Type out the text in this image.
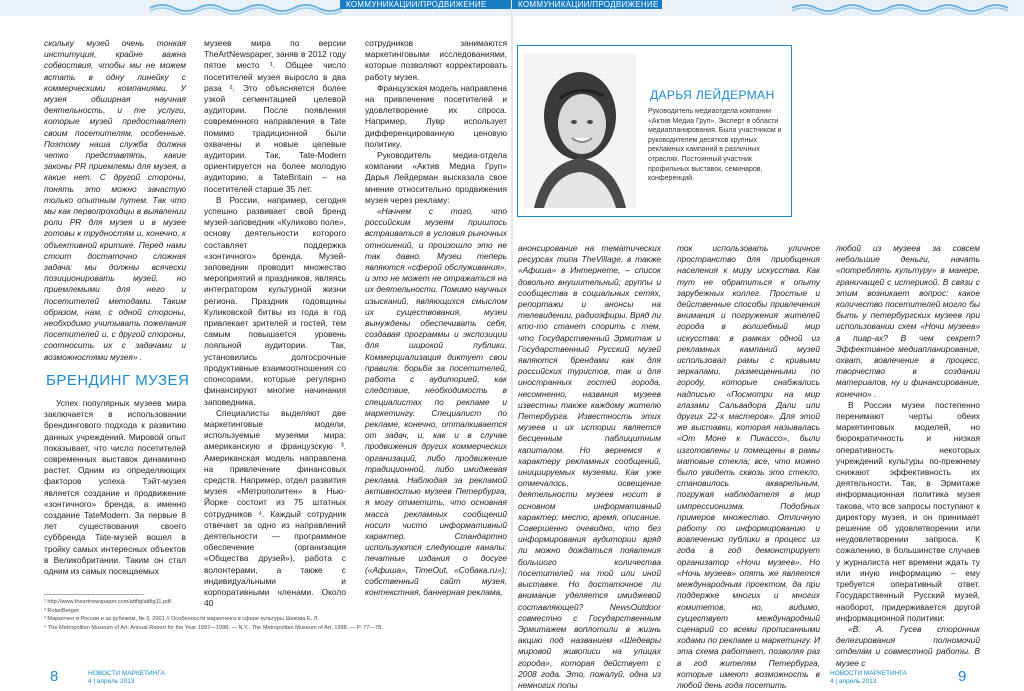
КОММУНИКАЦИИ/ПРОДВИЖЕНИЕ

скольку музей очень тонкая институция, крайне важна собвоствия, чтобы мы не можем встать в одну линейку с коммерческими компаниями. У музея обширная научная деятельность, и те услуги, которые музей предоставляет своим посетителям, особенные. Поэтому наша служба должна четко представлять, какие законы PR приемлемы для музея, а какие нет. С другой стороны, понять это можно зачастую только опытным путем. Так что мы как первопроходцы в выявлении роли PR для музея и в музее готовы к трудностям и, конечно, к объективной критике. Перед нами стоит достаточно сложная задача: мы должны всячески позиционировать музей, но приемлемыми для него и посетителей методами. Таким образом, нам, с одной стороны, необходимо учитывать пожелания посетителей и, с другой стороны, соотносить их с задачами и возможностями музея» .

БРЕНДИНГ МУЗЕЯ

Успех популярных музеев мира заключается в использовании брендингового подхода к развитию данных учреждений. Мировой опыт показывает, что число посетителей современных выставок динамично растет. Одним из определяющих факторов успеха Тэйт-музея является создание и продвижение «зонтичного» бренда, а именно создание TateModern. За первые 8 лет существования своего суббренда Tate-музей вошел в тройку самых интересных объектов в Великобритании. Таким он стал одним из самых посещаемых

музеев мира по версии TheArtNewspaper, заняв в 2012 году пятое место ¹. Общее число посетителей музея выросло в два раза ². Это объясняется более узкой сегментацией целевой аудитории. После появления современного направления в Tate помимо традиционной были охвачены и новые целевые аудитории. Так, Tate-Modern ориентируется на более молодую аудиторию, а TateBritain – на посетителей старше 35 лет.

В России, например, сегодня успешно развивает свой бренд музей-заповедник «Куликово поле», основу деятельности которого составляет поддержка «зонтичного» бренда. Музей-заповедник проводит множество мероприятий и праздников, являясь интегратором культурной жизни региона. Праздник годовщины Куликовской битвы из года в год привлекает зрителей и гостей, тем самым повышается уровень лояльной аудитории. Так, установились долгосрочные продуктивные взаимоотношения со спонсорами, которые регулярно финансируют многие начинания заповедника.

Специалисты выделяют две маркетинговые модели, используемые музеями мира: американскую и французскую ³. Американская модель направлена на привлечение финансовых средств. Например, отдел развития музея «Метрополитен» в Нью-Йорке состоит из 75 штатных сотрудников ⁴. Каждый сотрудник отвечает за одно из направлений деятельности — программное обеспечение (организация «Общества друзей»), работа с волонтерами, а также с индивидуальными и корпоративными членами. Около 40

сотрудников занимаются маркетинговыми исследованиями, которые позволяют корректировать работу музея.

Французская модель направлена на привлечение посетителей и удовлетворение их спроса. Например, Лувр использует дифференцированную ценовую политику.

Руководитель медиа-отдела компании «Актив Медиа Груп» Дарья Лейдерман высказала свое мнение относительно продвижения музея через рекламу:

«Начнем с того, что российским музеям пришлось встраиваться в условия рыночных отношений, и произошло это не так давно. Музеи теперь являются «сферой обслуживания», и это не может не отражаться на их деятельности. Помимо научных изысканий, являющихся смыслом их существования, музеи вынуждены обеспечивать себя, создавая программы и экспозиции для широкой публики. Коммерциализация диктует свои правила: борьба за посетителей, работа с аудиторией, как следствие, необходимость в специалистах по рекламе и маркетингу. Специалист по рекламе, конечно, отталкивается от задач, и, как и в случае продвижения других коммерческих организаций, либо продвижение традиционной, либо имиджевая реклама. Наблюдая за рекламой активностью музеев Петербурга, я могу отметить, что основная масса рекламных сообщений носит чисто информативный характер. Стандартно используются следующие каналы: печатные издания о досуге («Афиша», TimeOut, «Собака.ru»); собственный сайт музея, контекстная, баннерная реклама,

¹ http://www.theartnewspaper.com/attfig/attfig11.pdf.
² RolanBerger.
³ Маркетинг в России и за рубежом, № 3, 2001 // Особенности маркетинга в сфере культуры Шекова Е. Л.
⁴ The Metropolitan Museum of Art: Annual Report for the Year 1997—1998. — N.Y.: The Metropolitan Museum of Art, 1998. — P. 77—78.
8	НОВОСТИ МАРКЕТИНГА
4 | апрель 2013
КОММУНИКАЦИИ/ПРОДВИЖЕНИЕ
ДАРЬЯ ЛЕЙДЕРМАН
Руководитель медиаотдела компании «Актив Медиа Груп». Эксперт в области медиапланирования. Была участником и руководителем десятков крупных рекламных кампаний в различных отраслях. Постоянный участник профильных выставок, семинаров, конференций.

анонсирование на тематических ресурсах типа TheVillage, в также «Афиша» в Интернете, – список довольно внушительный; группы и сообщества в социальных сетях, репортажи и анонсы на телевидении, радиоэфиры. Вряд ли кто-то станет спорить с тем, что Государственный Эрмитаж и Государственный Русский музей являются брендами как для российских туристов, так и для иностранных гостей города, несомненно, названия музеев известны также каждому жителю Петербурга. Известность этих музеев и их истории является бесценным паблицитным капиталом. Но вернемся к характеру рекламных сообщений, инициируемых музеями. Как уже отмечалось, освещение деятельности музеев носит в основном информативный характер: место, время, описание. Совершенно очевидно, что без информирования аудитории вряд ли можно дождаться появления большого количества посетителей на той или иной выставке. Но достаточное ли внимание уделяется имиджевой составляющей? NewsOutdoor совместно с Государственным Эрмитажем воплотили в жизнь акцию под названием «Шедевры мировой живописи на улицах города», которая действует с 2008 года. Это, пожалуй, одна из немногих попы

ток использовать уличное пространство для приобщения населения к миру искусства. Как тут не обратиться к опыту зарубежных коллег. Простые и действенные способы привлечения внимания и погружения жителей города в волшебный мир искусства: в рамках одной из рекламных кампаний музей использовал рамы с кривыми зеркалами, размещенными по городу, которые снабжались надписью «Посмотри на мир глазами Сальвадора Дали или других 22-х мастеров». Для этой же выставки, которая называлась «От Моне к Пикассо», были изготовлены и помещены в рамы матовые стекла; все, что можно было увидеть сквозь это стекло, становилось акварельным, погружая наблюдателя в мир импрессионизма. Подобных примеров множество. Отличную работу по информированию и вовлечению публики в процесс из года в год демонстрирует организатор «Ночи музеев». Но «Ночь музеев» опять же является международным проектом, да при поддержке многих и многих комитетов, но, видимо, существует международный сценарий со всеми прописанными ходами по рекламе и маркетингу. И эта схема работает, позволяя раз в год жителям Петербурга, которые имеют возможность в любой день года посетить

любой из музеев за совсем небольшие деньги, начать «потреблять культуру» в манере, граничащей с истерикой. В связи с этим возникает вопрос: какое количество посетителей могло бы быть у петербургских музеев при использовании схем «Ночи музеев» в пиар-ах? В чем секрет? Эффективное медиапланирование, охват, вовлечение в процесс, творчество в создании материалов, ну и финансирование, конечно» .

В России музеи постепенно перенимают черты обеих маркетинговых моделей, но бюрократичность и низкая оперативность некоторых учреждений культуры по-прежнему снижают эффективность их деятельности. Так, в Эрмитаже информационная политика музея такова, что все запросы поступают к директору музея, и он принимает решение об удовлетворении или неудовлетворении запроса. К сожалению, в большинстве случаев у журналиста нет времени ждать ту или иную информацию – ему требуется оперативный ответ. Государственный Русский музей, наоборот, придерживается другой информационной политики:

«В. А. Гусев сторонник делегирования полномочий отделам и совместной работы. В музее с

НОВОСТИ МАРКЕТИНГА
4 | апрель 2013	9
